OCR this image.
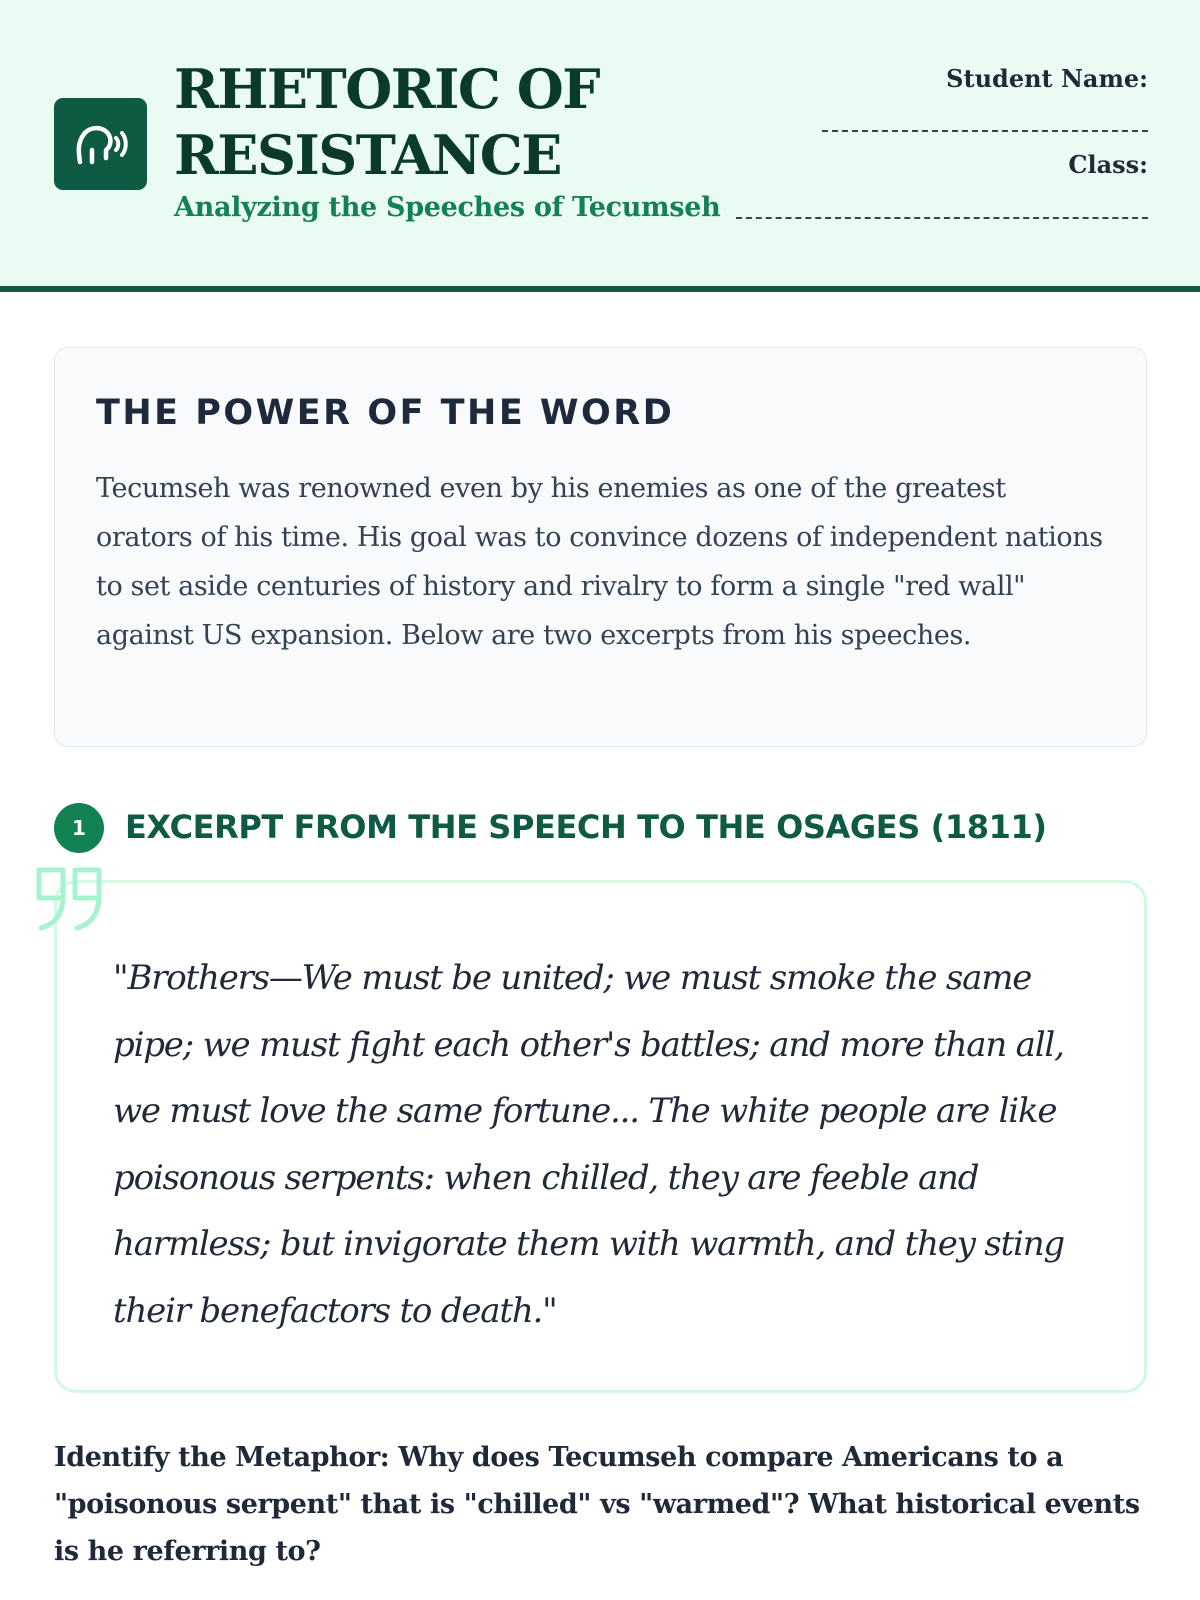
RHETORIC OF
RESISTANCE
Analyzing the Speeches of Tecumseh
Student Name:
Class:
THE POWER OF THE WORD
Tecumseh was renowned even by his enemies as one of the greatest orators of his time. His goal was to convince dozens of independent nations to set aside centuries of history and rivalry to form a single "red wall" against US expansion. Below are two excerpts from his speeches.
1	EXCERPT FROM THE SPEECH TO THE OSAGES (1811)
"Brothers—We must be united; we must smoke the same pipe; we must fight each other's battles; and more than all, we must love the same fortune... The white people are like poisonous serpents: when chilled, they are feeble and harmless; but invigorate them with warmth, and they sting their benefactors to death."
Identify the Metaphor: Why does Tecumseh compare Americans to a "poisonous serpent" that is "chilled" vs "warmed"? What historical events is he referring to?
